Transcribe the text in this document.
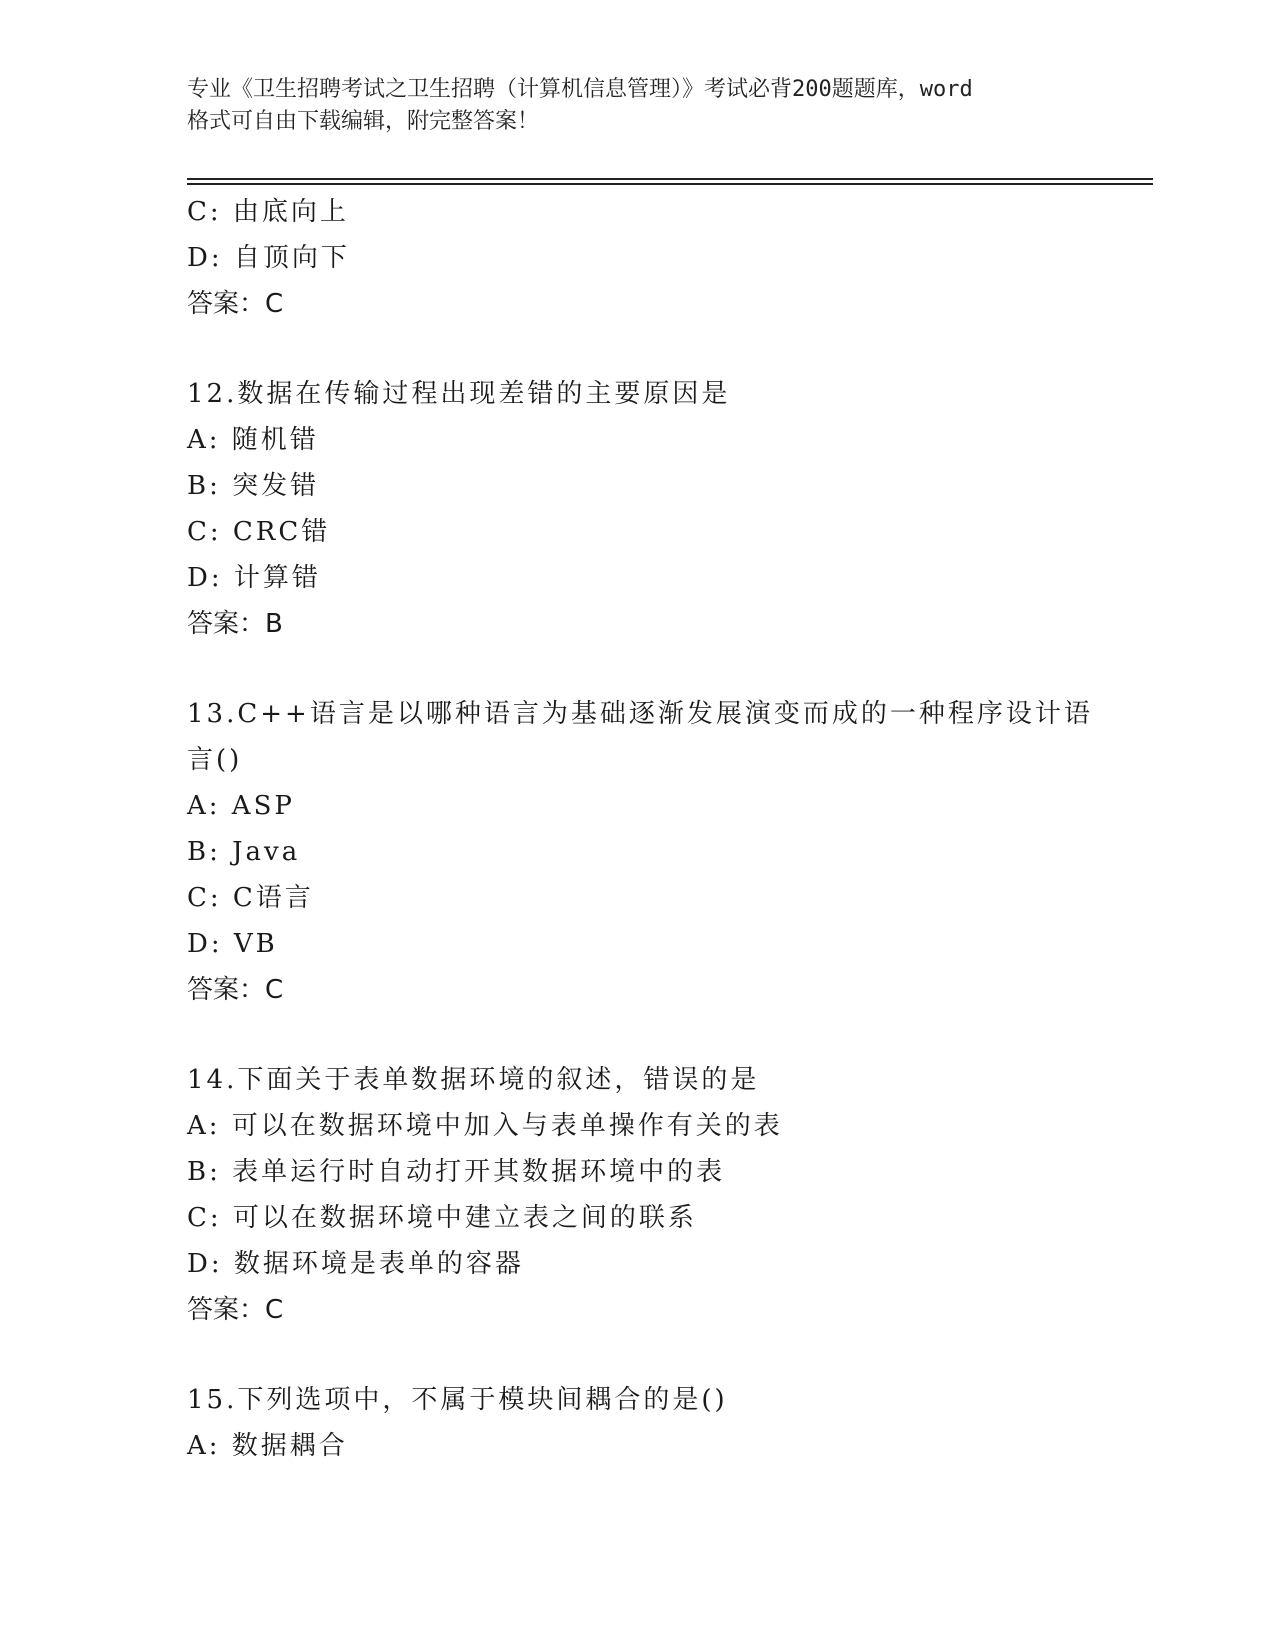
专业《卫生招聘考试之卫生招聘（计算机信息管理）》考试必背200题题库，word
格式可自由下载编辑，附完整答案！
C: 由底向上
D: 自顶向下
答案：C
12.数据在传输过程出现差错的主要原因是
A: 随机错
B: 突发错
C: CRC错
D: 计算错
答案：B
13.C++语言是以哪种语言为基础逐渐发展演变而成的一种程序设计语
言()
A: ASP
B: Java
C: C语言
D: VB
答案：C
14.下面关于表单数据环境的叙述，错误的是
A: 可以在数据环境中加入与表单操作有关的表
B: 表单运行时自动打开其数据环境中的表
C: 可以在数据环境中建立表之间的联系
D: 数据环境是表单的容器
答案：C
15.下列选项中，不属于模块间耦合的是()
A: 数据耦合
